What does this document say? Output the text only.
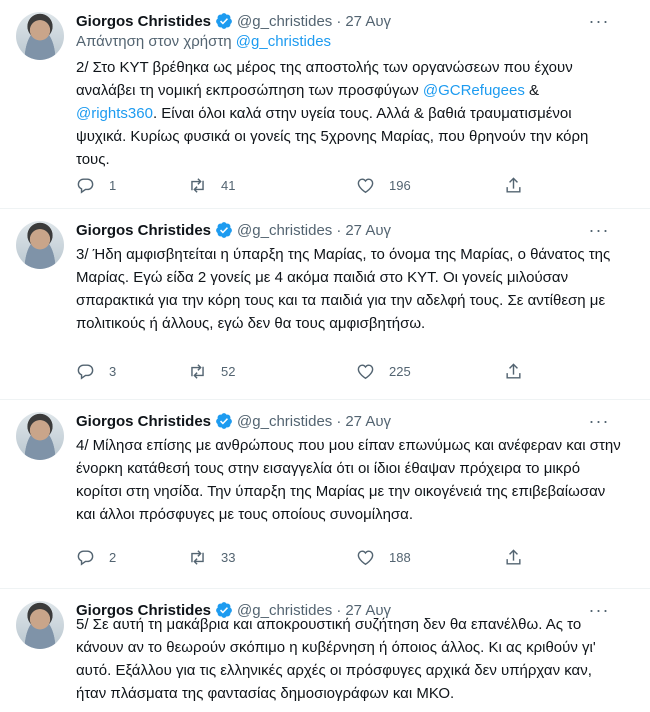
Giorgos Christides @g_christides · 27 Αυγ	···
Απάντηση στον χρήστη @g_christides
2/ Στο ΚΥΤ βρέθηκα ως μέρος της αποστολής των οργανώσεων που έχουν αναλάβει τη νομική εκπροσώπηση των προσφύγων @GCRefugees & @rights360. Είναι όλοι καλά στην υγεία τους. Αλλά & βαθιά τραυματισμένοι ψυχικά. Κυρίως φυσικά οι γονείς της 5χρονης Μαρίας, που θρηνούν την κόρη τους.
1	41	196
Giorgos Christides @g_christides · 27 Αυγ	···
3/ Ήδη αμφισβητείται η ύπαρξη της Μαρίας, το όνομα της Μαρίας, ο θάνατος της Μαρίας. Εγώ είδα 2 γονείς με 4 ακόμα παιδιά στο ΚΥΤ. Οι γονείς μιλούσαν σπαρακτικά για την κόρη τους και τα παιδιά για την αδελφή τους. Σε αντίθεση με πολιτικούς ή άλλους, εγώ δεν θα τους αμφισβητήσω.
3	52	225
Giorgos Christides @g_christides · 27 Αυγ	···
4/ Μίλησα επίσης με ανθρώπους που μου είπαν επωνύμως και ανέφεραν και στην ένορκη κατάθεσή τους στην εισαγγελία ότι οι ίδιοι έθαψαν πρόχειρα το μικρό κορίτσι στη νησίδα. Την ύπαρξη της Μαρίας με την οικογένειά της επιβεβαίωσαν και άλλοι πρόσφυγες με τους οποίους συνομίλησα.
2	33	188
Giorgos Christides @g_christides · 27 Αυγ	···
5/ Σε αυτή τη μακάβρια και αποκρουστική συζήτηση δεν θα επανέλθω. Ας το κάνουν αν το θεωρούν σκόπιμο η κυβέρνηση ή όποιος άλλος. Κι ας κριθούν γι' αυτό. Εξάλλου για τις ελληνικές αρχές οι πρόσφυγες αρχικά δεν υπήρχαν καν, ήταν πλάσματα της φαντασίας δημοσιογράφων και ΜΚΟ.
